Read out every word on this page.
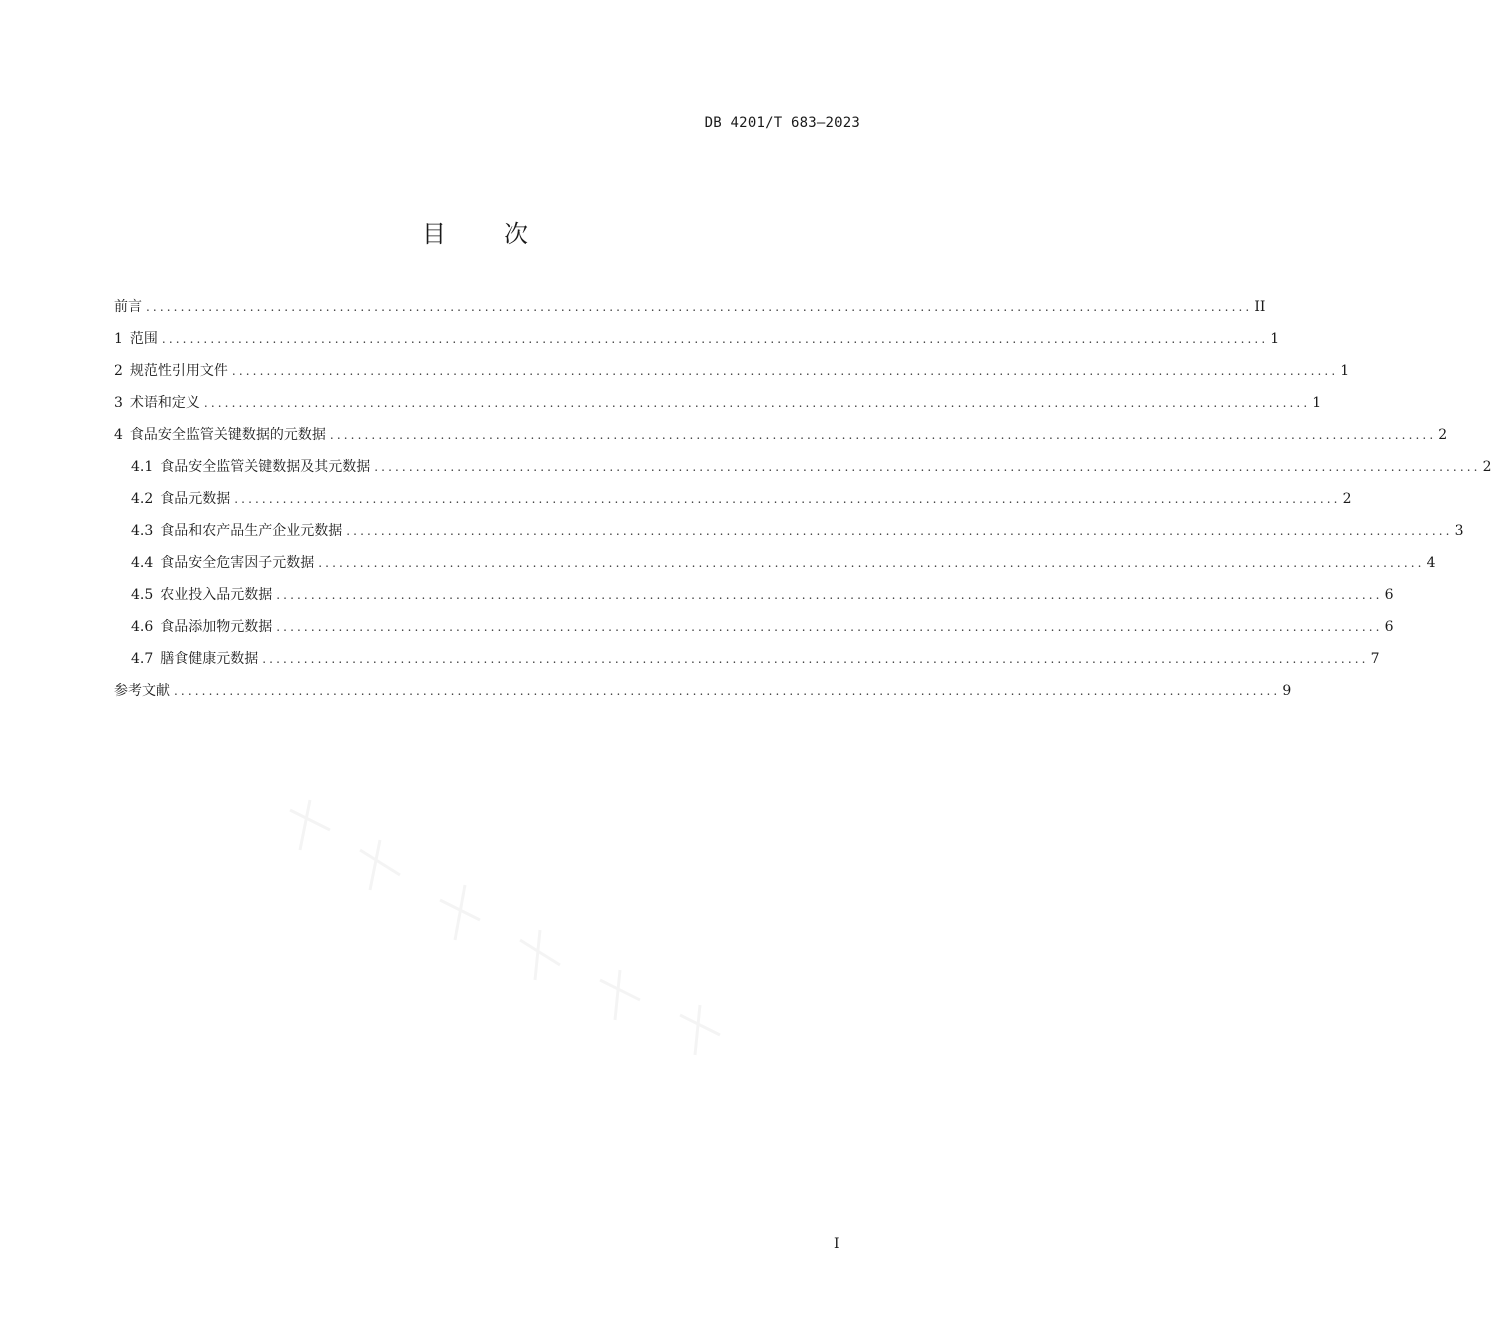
DB 4201/T 683—2023
目 次
前言 ................................................................................................................................................................ II
1 范围 ................................................................................................................................................................ 1
2 规范性引用文件 ................................................................................................................................................................ 1
3 术语和定义 ................................................................................................................................................................ 1
4 食品安全监管关键数据的元数据 ................................................................................................................................................................ 2
4.1 食品安全监管关键数据及其元数据 ................................................................................................................................................................ 2
4.2 食品元数据 ................................................................................................................................................................ 2
4.3 食品和农产品生产企业元数据 ................................................................................................................................................................ 3
4.4 食品安全危害因子元数据 ................................................................................................................................................................ 4
4.5 农业投入品元数据 ................................................................................................................................................................ 6
4.6 食品添加物元数据 ................................................................................................................................................................ 6
4.7 膳食健康元数据 ................................................................................................................................................................ 7
参考文献 ................................................................................................................................................................ 9
I
